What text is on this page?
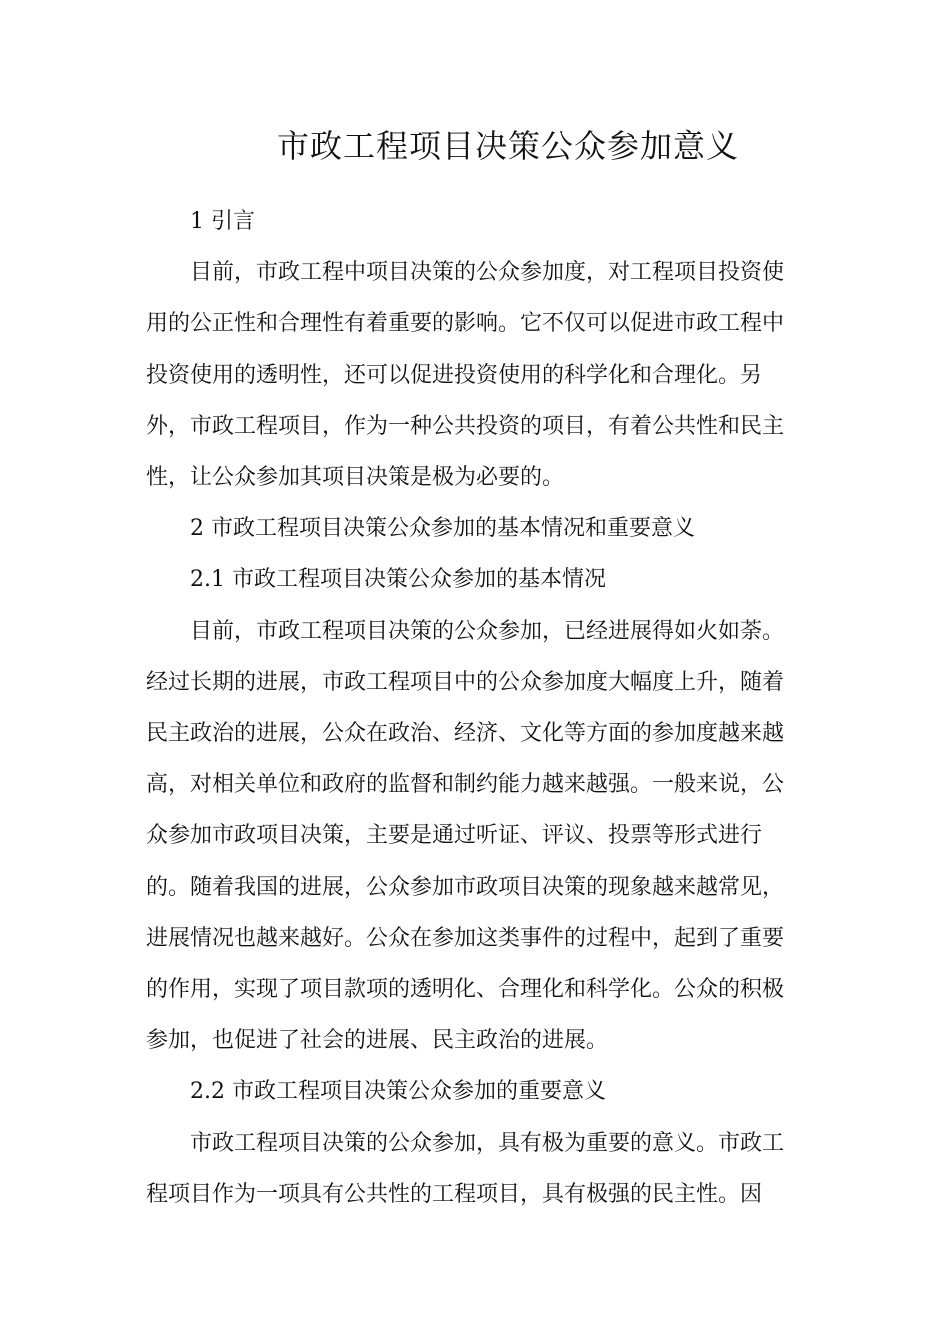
市政工程项目决策公众参加意义

1 引言

目前，市政工程中项目决策的公众参加度，对工程项目投资使

用的公正性和合理性有着重要的影响。它不仅可以促进市政工程中

投资使用的透明性，还可以促进投资使用的科学化和合理化。另

外，市政工程项目，作为一种公共投资的项目，有着公共性和民主

性，让公众参加其项目决策是极为必要的。

2 市政工程项目决策公众参加的基本情况和重要意义

2.1 市政工程项目决策公众参加的基本情况

目前，市政工程项目决策的公众参加，已经进展得如火如荼。

经过长期的进展，市政工程项目中的公众参加度大幅度上升，随着

民主政治的进展，公众在政治、经济、文化等方面的参加度越来越

高，对相关单位和政府的监督和制约能力越来越强。一般来说，公

众参加市政项目决策，主要是通过听证、评议、投票等形式进行

的。随着我国的进展，公众参加市政项目决策的现象越来越常见，

进展情况也越来越好。公众在参加这类事件的过程中，起到了重要

的作用，实现了项目款项的透明化、合理化和科学化。公众的积极

参加，也促进了社会的进展、民主政治的进展。

2.2 市政工程项目决策公众参加的重要意义

市政工程项目决策的公众参加，具有极为重要的意义。市政工

程项目作为一项具有公共性的工程项目，具有极强的民主性。因
